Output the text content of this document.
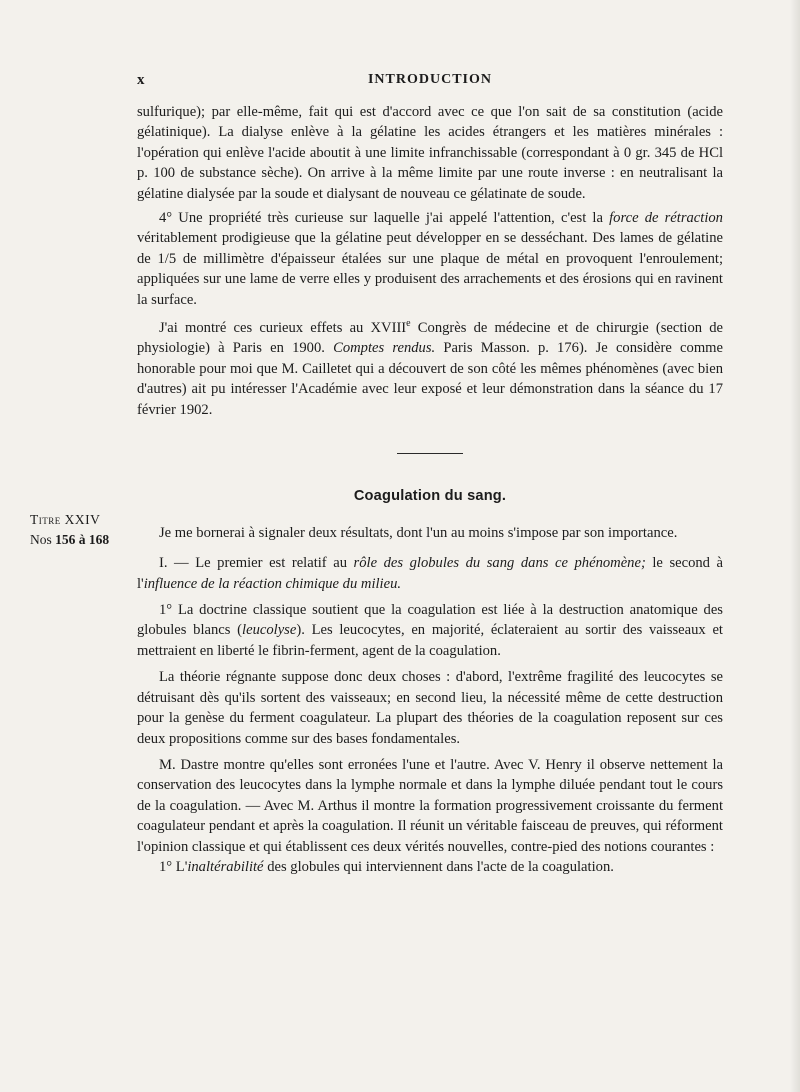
x	INTRODUCTION
Titre XXIV
Nos 156 à 168

sulfurique); par elle-même, fait qui est d'accord avec ce que l'on sait de sa constitution (acide gélatinique). La dialyse enlève à la gélatine les acides étrangers et les matières minérales : l'opération qui enlève l'acide aboutit à une limite infranchissable (correspondant à 0 gr. 345 de HCl p. 100 de substance sèche). On arrive à la même limite par une route inverse : en neutralisant la gélatine dialysée par la soude et dialysant de nouveau ce gélatinate de soude.

4° Une propriété très curieuse sur laquelle j'ai appelé l'attention, c'est la force de rétraction véritablement prodigieuse que la gélatine peut développer en se desséchant. Des lames de gélatine de 1/5 de millimètre d'épaisseur étalées sur une plaque de métal en provoquent l'enroulement; appliquées sur une lame de verre elles y produisent des arrachements et des érosions qui en ravinent la surface.

J'ai montré ces curieux effets au XVIIIe Congrès de médecine et de chirurgie (section de physiologie) à Paris en 1900. Comptes rendus. Paris Masson. p. 176). Je considère comme honorable pour moi que M. Cailletet qui a découvert de son côté les mêmes phénomènes (avec bien d'autres) ait pu intéresser l'Académie avec leur exposé et leur démonstration dans la séance du 17 février 1902.

Coagulation du sang.

Je me bornerai à signaler deux résultats, dont l'un au moins s'impose par son importance.

I. — Le premier est relatif au rôle des globules du sang dans ce phénomène; le second à l'influence de la réaction chimique du milieu.

1° La doctrine classique soutient que la coagulation est liée à la destruction anatomique des globules blancs (leucolyse). Les leucocytes, en majorité, éclateraient au sortir des vaisseaux et mettraient en liberté le fibrin-ferment, agent de la coagulation.

La théorie régnante suppose donc deux choses : d'abord, l'extrême fragilité des leucocytes se détruisant dès qu'ils sortent des vaisseaux; en second lieu, la nécessité même de cette destruction pour la genèse du ferment coagulateur. La plupart des théories de la coagulation reposent sur ces deux propositions comme sur des bases fondamentales.

M. Dastre montre qu'elles sont erronées l'une et l'autre. Avec V. Henry il observe nettement la conservation des leucocytes dans la lymphe normale et dans la lymphe diluée pendant tout le cours de la coagulation. — Avec M. Arthus il montre la formation progressivement croissante du ferment coagulateur pendant et après la coagulation. Il réunit un véritable faisceau de preuves, qui réforment l'opinion classique et qui établissent ces deux vérités nouvelles, contre-pied des notions courantes :

1° L'inaltérabilité des globules qui interviennent dans l'acte de la coagulation.
